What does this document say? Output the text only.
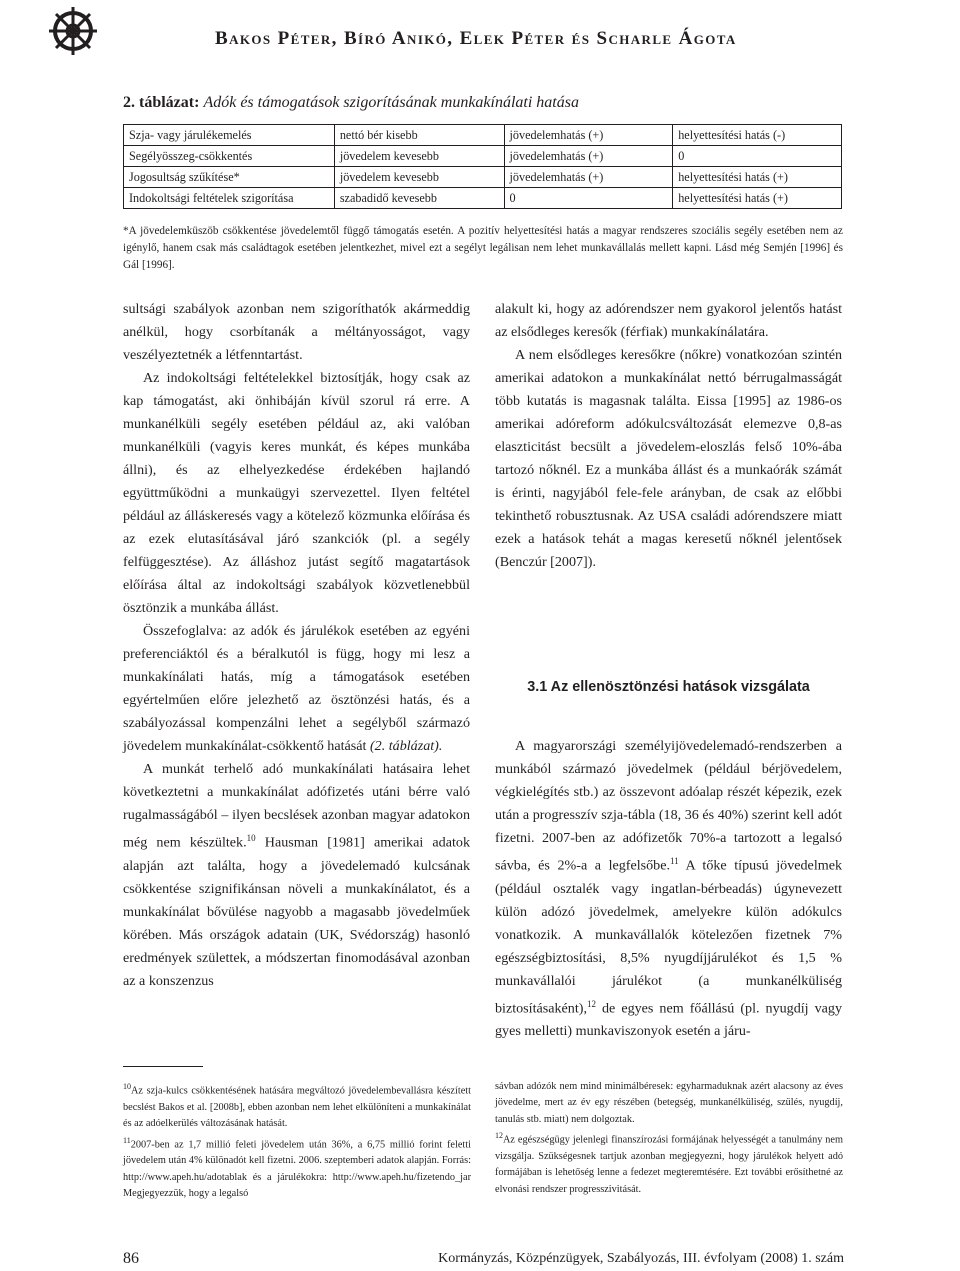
Bakos Péter, Bíró Anikó, Elek Péter és Scharle Ágota
2. táblázat: Adók és támogatások szigorításának munkakínálati hatása
Szja- vagy járulékemelés	nettó bér kisebb	jövedelemhatás (+)	helyettesítési hatás (-)
Segélyösszeg-csökkentés	jövedelem kevesebb	jövedelemhatás (+)	0
Jogosultság szűkítése*	jövedelem kevesebb	jövedelemhatás (+)	helyettesítési hatás (+)
Indokoltsági feltételek szigorítása	szabadidő kevesebb	0	helyettesítési hatás (+)
*A jövedelemküszöb csökkentése jövedelemtől függő támogatás esetén. A pozitív helyettesítési hatás a magyar rendszeres szociális segély esetében nem az igénylő, hanem csak más családtagok esetében jelentkezhet, mivel ezt a segélyt legálisan nem lehet munkavállalás mellett kapni. Lásd még Semjén [1996] és Gál [1996].

sultsági szabályok azonban nem szigoríthatók akármeddig anélkül, hogy csorbítanák a méltányosságot, vagy veszélyeztetnék a létfenntartást.

Az indokoltsági feltételekkel biztosítják, hogy csak az kap támogatást, aki önhibáján kívül szorul rá erre. A munkanélküli segély esetében például az, aki valóban munkanélküli (vagyis keres munkát, és képes munkába állni), és az elhelyezkedése érdekében hajlandó együttműködni a munkaügyi szervezettel. Ilyen feltétel például az álláskeresés vagy a kötelező közmunka előírása és az ezek elutasításával járó szankciók (pl. a segély felfüggesztése). Az álláshoz jutást segítő magatartások előírása által az indokoltsági szabályok közvetlenebbül ösztönzik a munkába állást.

Összefoglalva: az adók és járulékok esetében az egyéni preferenciáktól és a béralkutól is függ, hogy mi lesz a munkakínálati hatás, míg a támogatások esetében egyértelműen előre jelezhető az ösztönzési hatás, és a szabályozással kompenzálni lehet a segélyből származó jövedelem munkakínálat-csökkentő hatását (2. táblázat).

A munkát terhelő adó munkakínálati hatásaira lehet következtetni a munkakínálat adófizetés utáni bérre való rugalmasságából – ilyen becslések azonban magyar adatokon még nem készültek.$^{10}$ Hausman [1981] amerikai adatok alapján azt találta, hogy a jövedelemadó kulcsának csökkentése szignifikánsan növeli a munkakínálatot, és a munkakínálat bővülése nagyobb a magasabb jövedelműek körében. Más országok adatain (UK, Svédország) hasonló eredmények születtek, a módszertan finomodásával azonban az a konszenzus

alakult ki, hogy az adórendszer nem gyakorol jelentős hatást az elsődleges keresők (férfiak) munkakínálatára.

A nem elsődleges keresőkre (nőkre) vonatkozóan szintén amerikai adatokon a munkakínálat nettó bérrugalmasságát több kutatás is magasnak találta. Eissa [1995] az 1986-os amerikai adóreform adókulcsváltozását elemezve 0,8-as elaszticitást becsült a jövedelem-eloszlás felső 10%-ába tartozó nőknél. Ez a munkába állást és a munkaórák számát is érinti, nagyjából fele-fele arányban, de csak az előbbi tekinthető robusztusnak. Az USA családi adórendszere miatt ezek a hatások tehát a magas keresetű nőknél jelentősek (Benczúr [2007]).

A magyarországi személyijövedelemadó-rendszerben a munkából származó jövedelmek (például bérjövedelem, végkielégítés stb.) az összevont adóalap részét képezik, ezek után a progresszív szja-tábla (18, 36 és 40%) szerint kell adót fizetni. 2007-ben az adófizetők 70%-a tartozott a legalsó sávba, és 2%-a a legfelsőbe.$^{11}$ A tőke típusú jövedelmek (például osztalék vagy ingatlan-bérbeadás) úgynevezett külön adózó jövedelmek, amelyekre külön adókulcs vonatkozik. A munkavállalók kötelezően fizetnek 7% egészségbiztosítási, 8,5% nyugdíjjárulékot és 1,5 % munkavállalói járulékot (a munkanélküliség biztosításaként),$^{12}$ de egyes nem főállású (pl. nyugdíj vagy gyes melletti) munkaviszonyok esetén a járu-

3.1 Az ellenösztönzési hatások vizsgálata

$^{10}$Az szja-kulcs csökkentésének hatására megváltozó jövedelembevallásra készített becslést Bakos et al. [2008b], ebben azonban nem lehet elkülöníteni a munkakínálat és az adóelkerülés változásának hatását.

$^{11}$2007-ben az 1,7 millió feleti jövedelem után 36%, a 6,75 millió forint feletti jövedelem után 4% különadót kell fizetni. 2006. szeptemberi adatok alapján. Forrás: http://www.apeh.hu/adotablak és a járulékokra: http://www.apeh.hu/fizetendo_jar Megjegyezzük, hogy a legalsó

sávban adózók nem mind minimálbéresek: egyharmaduknak azért alacsony az éves jövedelme, mert az év egy részében (betegség, munkanélküliség, szülés, nyugdíj, tanulás stb. miatt) nem dolgoztak.

$^{12}$Az egészségügy jelenlegi finanszírozási formájának helyességét a tanulmány nem vizsgálja. Szükségesnek tartjuk azonban megjegyezni, hogy járulékok helyett adó formájában is lehetőség lenne a fedezet megteremtésére. Ezt további erősíthetné az elvonási rendszer progresszivitását.

86	Kormányzás, Közpénzügyek, Szabályozás, III. évfolyam (2008) 1. szám
